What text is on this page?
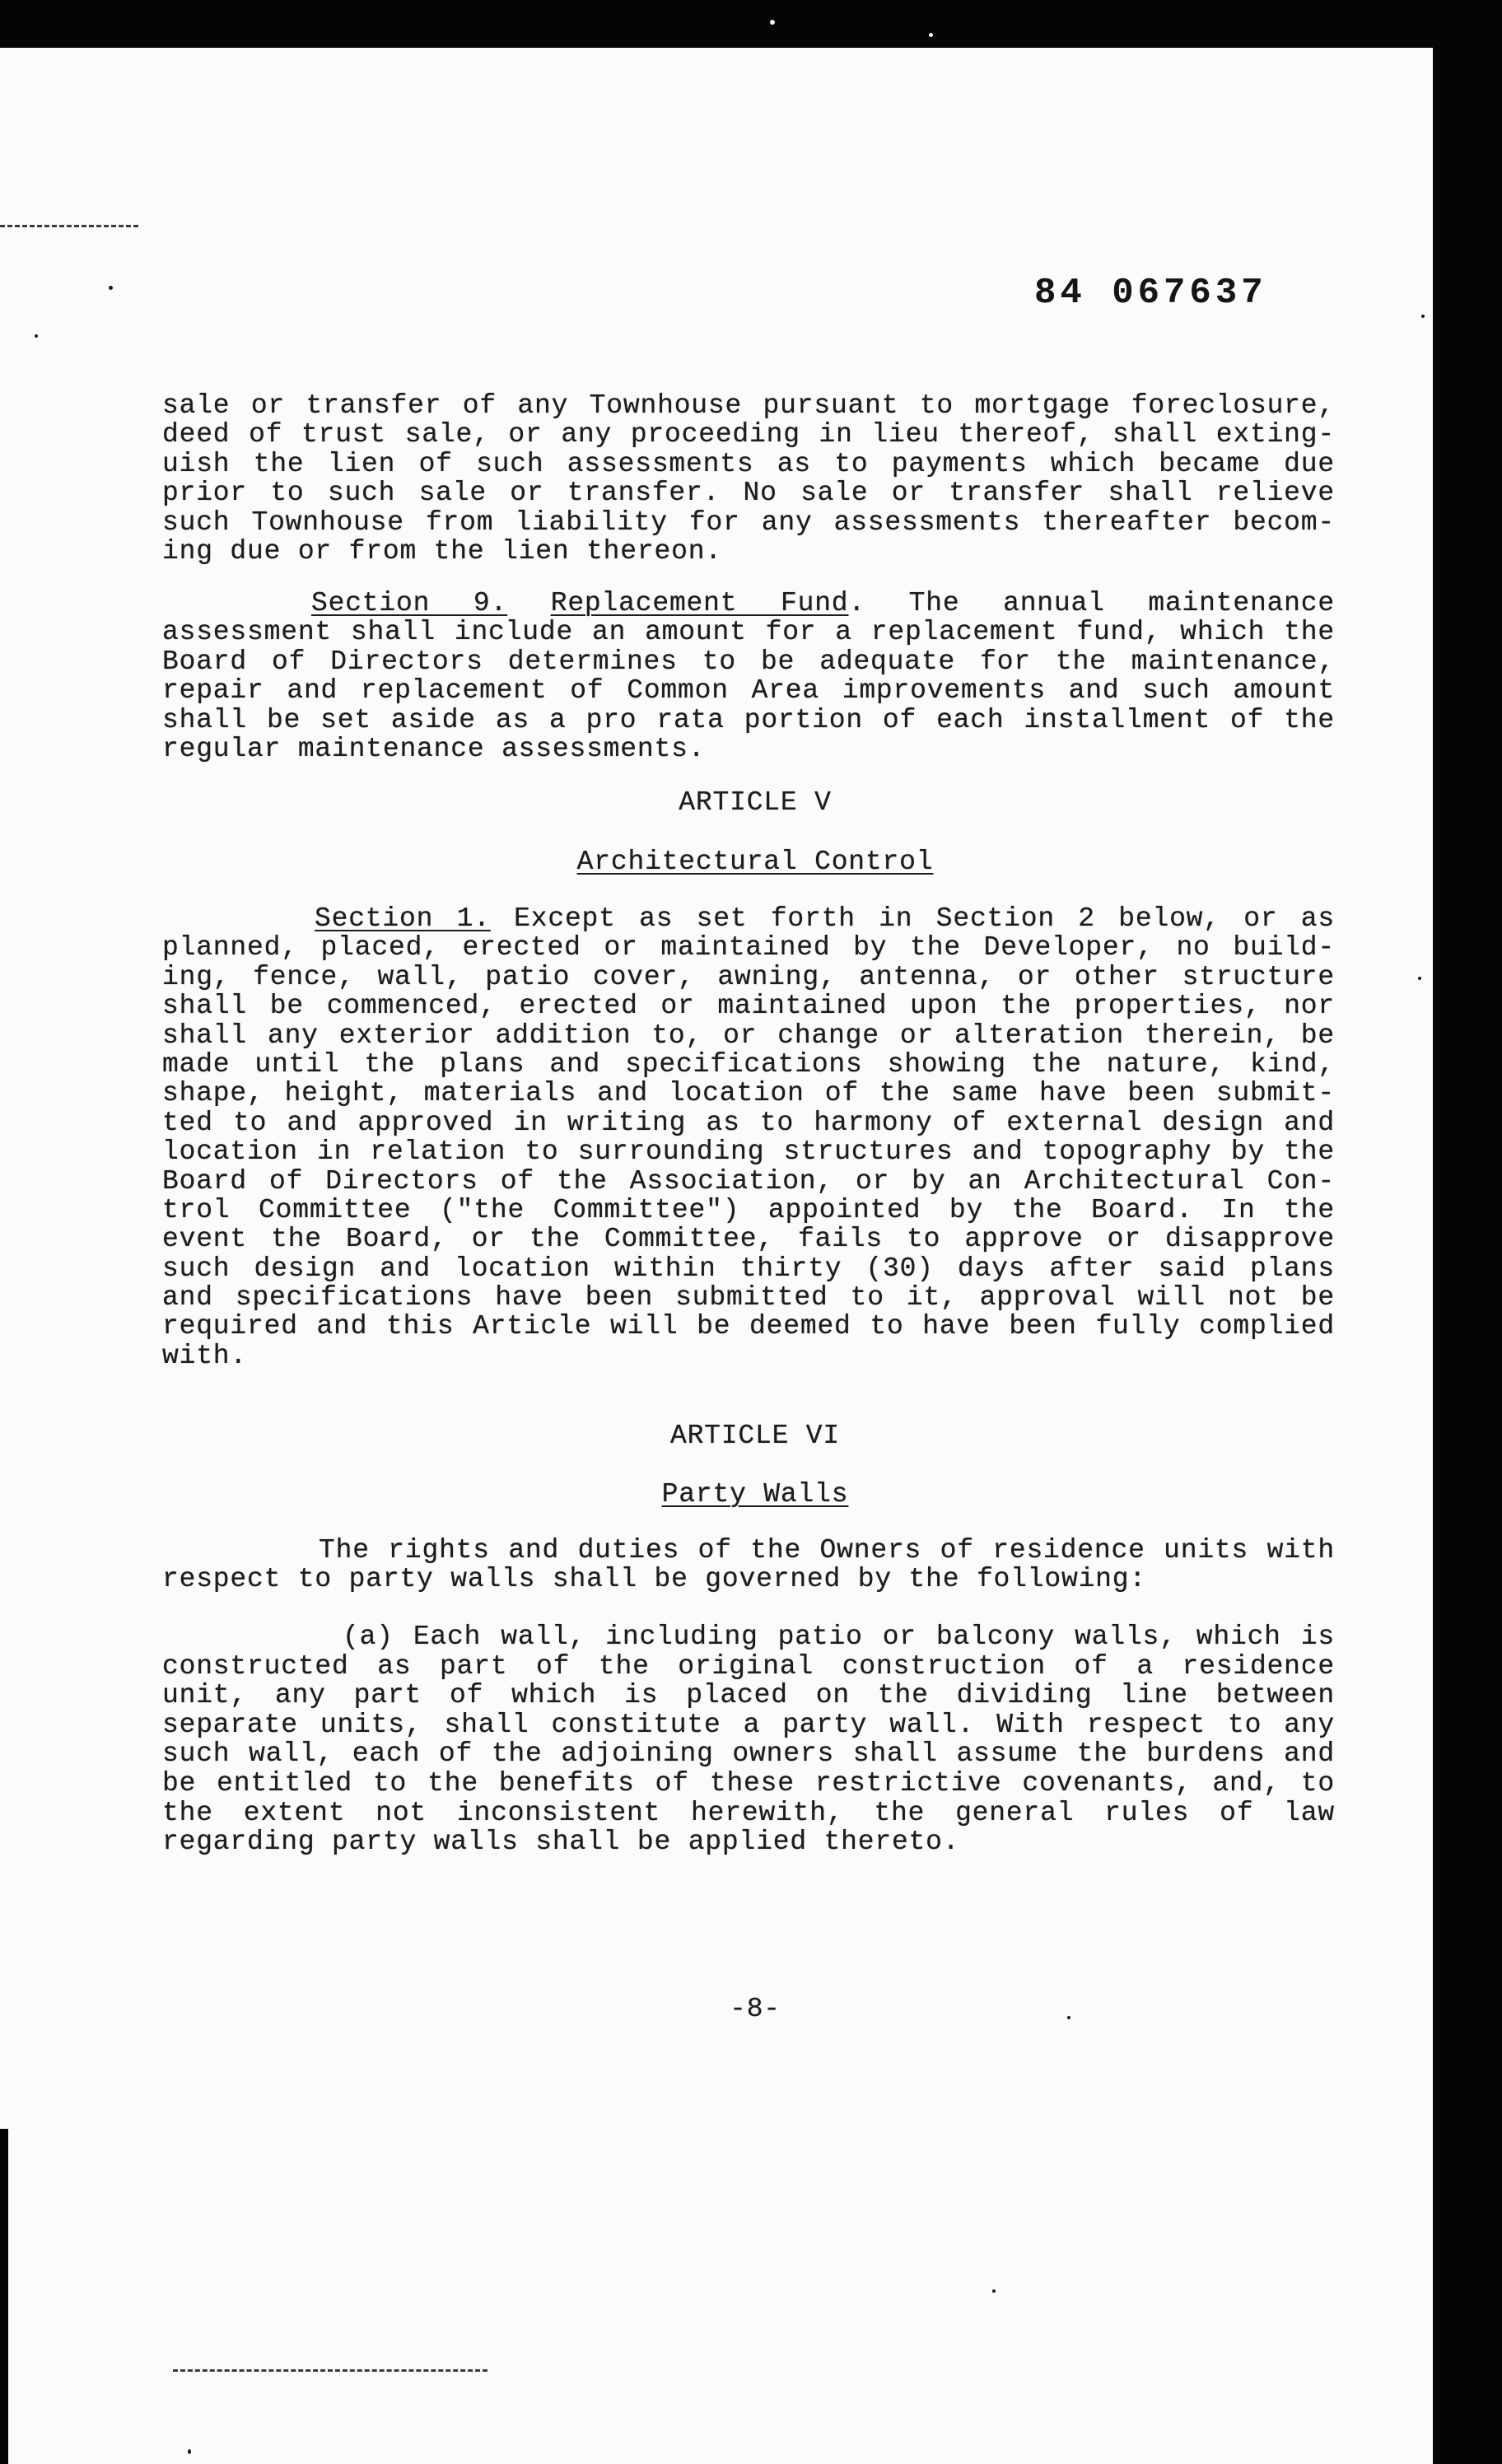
84 067637
sale or transfer of any Townhouse pursuant to mortgage foreclosure,
deed of trust sale, or any proceeding in lieu thereof, shall exting-
uish the lien of such assessments as to payments which became due
prior to such sale or transfer. No sale or transfer shall relieve
such Townhouse from liability for any assessments thereafter becom-
ing due or from the lien thereon.
Section 9. Replacement Fund. The annual maintenance
assessment shall include an amount for a replacement fund, which the
Board of Directors determines to be adequate for the maintenance,
repair and replacement of Common Area improvements and such amount
shall be set aside as a pro rata portion of each installment of the
regular maintenance assessments.
ARTICLE V
Architectural Control
Section 1. Except as set forth in Section 2 below, or as
planned, placed, erected or maintained by the Developer, no build-
ing, fence, wall, patio cover, awning, antenna, or other structure
shall be commenced, erected or maintained upon the properties, nor
shall any exterior addition to, or change or alteration therein, be
made until the plans and specifications showing the nature, kind,
shape, height, materials and location of the same have been submit-
ted to and approved in writing as to harmony of external design and
location in relation to surrounding structures and topography by the
Board of Directors of the Association, or by an Architectural Con-
trol Committee ("the Committee") appointed by the Board. In the
event the Board, or the Committee, fails to approve or disapprove
such design and location within thirty (30) days after said plans
and specifications have been submitted to it, approval will not be
required and this Article will be deemed to have been fully complied
with.
ARTICLE VI
Party Walls
The rights and duties of the Owners of residence units with
respect to party walls shall be governed by the following:
(a) Each wall, including patio or balcony walls, which is
constructed as part of the original construction of a residence
unit, any part of which is placed on the dividing line between
separate units, shall constitute a party wall. With respect to any
such wall, each of the adjoining owners shall assume the burdens and
be entitled to the benefits of these restrictive covenants, and, to
the extent not inconsistent herewith, the general rules of law
regarding party walls shall be applied thereto.
-8-
